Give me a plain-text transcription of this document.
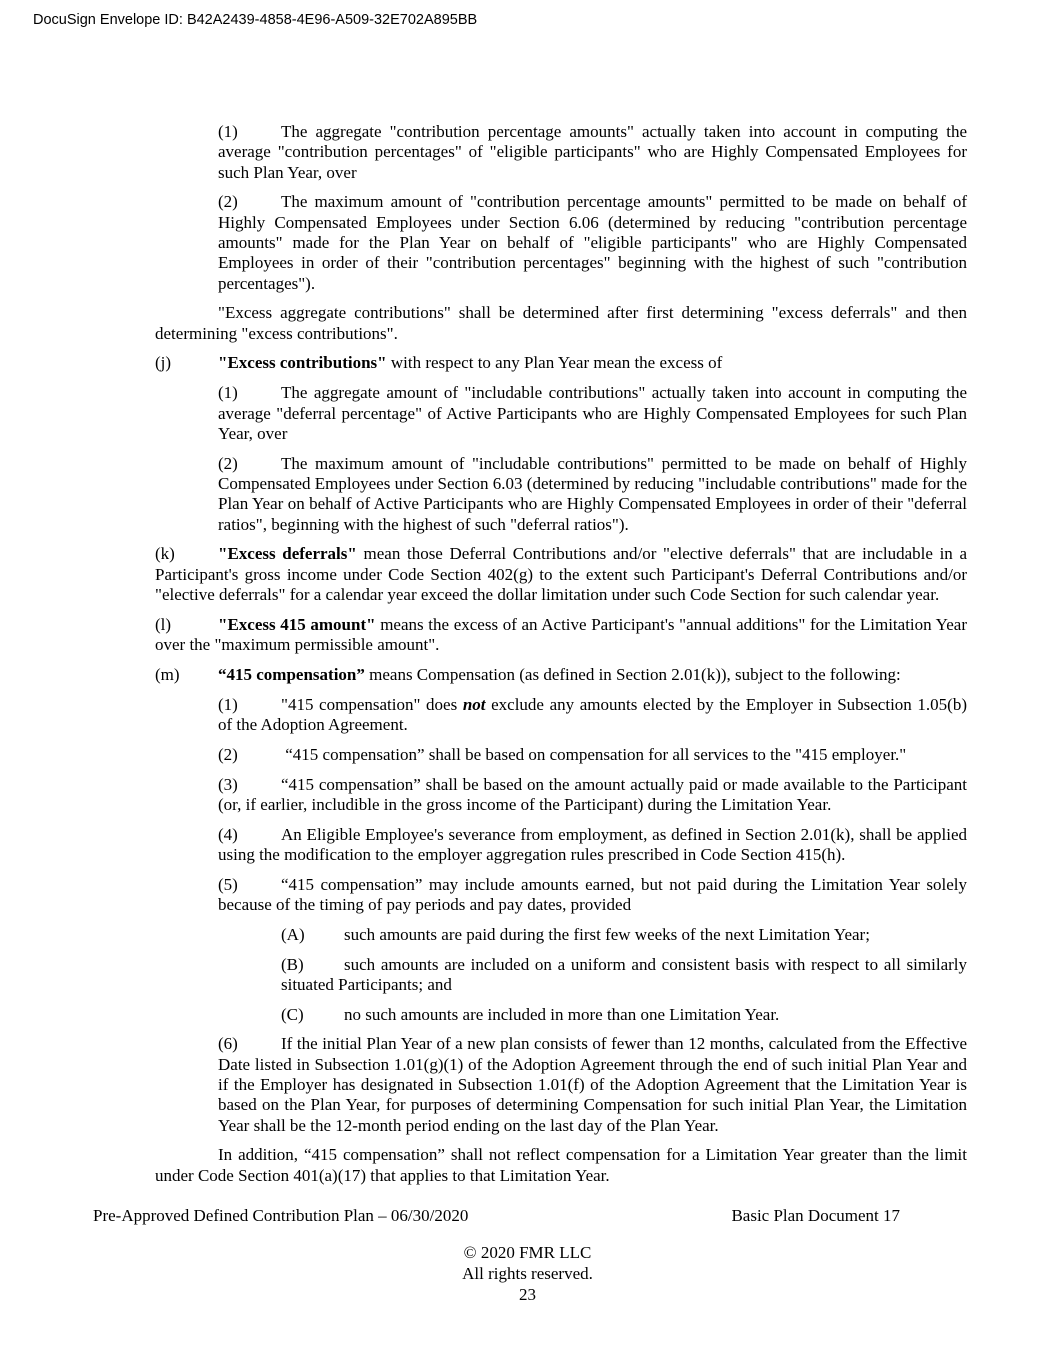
DocuSign Envelope ID: B42A2439-4858-4E96-A509-32E702A895BB
(1)	The aggregate "contribution percentage amounts" actually taken into account in computing the average "contribution percentages" of "eligible participants" who are Highly Compensated Employees for such Plan Year, over
(2)	The maximum amount of "contribution percentage amounts" permitted to be made on behalf of Highly Compensated Employees under Section 6.06 (determined by reducing "contribution percentage amounts" made for the Plan Year on behalf of "eligible participants" who are Highly Compensated Employees in order of their "contribution percentages" beginning with the highest of such "contribution percentages").
"Excess aggregate contributions" shall be determined after first determining "excess deferrals" and then determining "excess contributions".
(j)	"Excess contributions" with respect to any Plan Year mean the excess of
(1)	The aggregate amount of "includable contributions" actually taken into account in computing the average "deferral percentage" of Active Participants who are Highly Compensated Employees for such Plan Year, over
(2)	The maximum amount of "includable contributions" permitted to be made on behalf of Highly Compensated Employees under Section 6.03 (determined by reducing "includable contributions" made for the Plan Year on behalf of Active Participants who are Highly Compensated Employees in order of their "deferral ratios", beginning with the highest of such "deferral ratios").
(k)	"Excess deferrals" mean those Deferral Contributions and/or "elective deferrals" that are includable in a Participant's gross income under Code Section 402(g) to the extent such Participant's Deferral Contributions and/or "elective deferrals" for a calendar year exceed the dollar limitation under such Code Section for such calendar year.
(l)	"Excess 415 amount" means the excess of an Active Participant's "annual additions" for the Limitation Year over the "maximum permissible amount".
(m) “415 compensation” means Compensation (as defined in Section 2.01(k)), subject to the following:
(1)	"415 compensation" does not exclude any amounts elected by the Employer in Subsection 1.05(b) of the Adoption Agreement.
(2)	“415 compensation” shall be based on compensation for all services to the "415 employer."
(3)	“415 compensation” shall be based on the amount actually paid or made available to the Participant (or, if earlier, includible in the gross income of the Participant) during the Limitation Year.
(4)	An Eligible Employee's severance from employment, as defined in Section 2.01(k), shall be applied using the modification to the employer aggregation rules prescribed in Code Section 415(h).
(5)	“415 compensation” may include amounts earned, but not paid during the Limitation Year solely because of the timing of pay periods and pay dates, provided
(A) such amounts are paid during the first few weeks of the next Limitation Year;
(B) such amounts are included on a uniform and consistent basis with respect to all similarly situated Participants; and
(C) no such amounts are included in more than one Limitation Year.
(6)	If the initial Plan Year of a new plan consists of fewer than 12 months, calculated from the Effective Date listed in Subsection 1.01(g)(1) of the Adoption Agreement through the end of such initial Plan Year and if the Employer has designated in Subsection 1.01(f) of the Adoption Agreement that the Limitation Year is based on the Plan Year, for purposes of determining Compensation for such initial Plan Year, the Limitation Year shall be the 12-month period ending on the last day of the Plan Year.
In addition, “415 compensation” shall not reflect compensation for a Limitation Year greater than the limit under Code Section 401(a)(17) that applies to that Limitation Year.
Pre-Approved Defined Contribution Plan – 06/30/2020	Basic Plan Document 17
© 2020 FMR LLC
All rights reserved.
23
